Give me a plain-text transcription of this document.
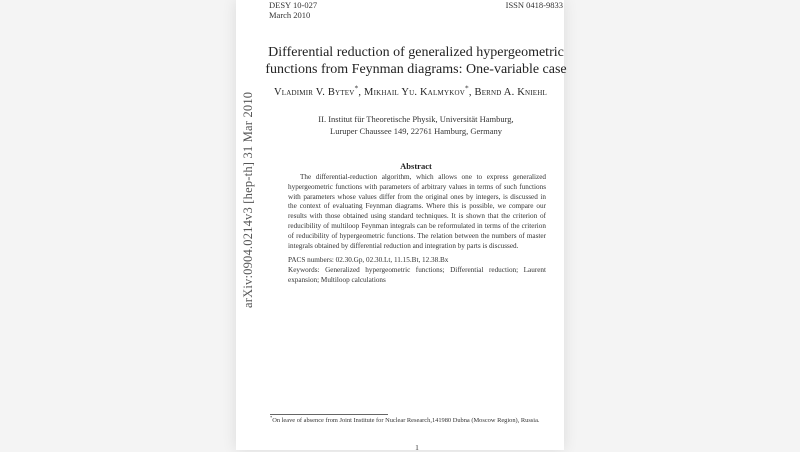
arXiv:0904.0214v3 [hep-th] 31 Mar 2010
DESY 10-027
March 2010
ISSN 0418-9833
Differential reduction of generalized hypergeometric
functions from Feynman diagrams: One-variable case
Vladimir V. Bytev*, Mikhail Yu. Kalmykov*, Bernd A. Kniehl
II. Institut für Theoretische Physik, Universität Hamburg,
Luruper Chaussee 149, 22761 Hamburg, Germany
Abstract
The differential-reduction algorithm, which allows one to express generalized hypergeometric functions with parameters of arbitrary values in terms of such functions with parameters whose values differ from the original ones by integers, is discussed in the context of evaluating Feynman diagrams. Where this is possible, we compare our results with those obtained using standard techniques. It is shown that the criterion of reducibility of multiloop Feynman integrals can be reformulated in terms of the criterion of reducibility of hypergeometric functions. The relation between the numbers of master integrals obtained by differential reduction and integration by parts is discussed.
PACS numbers: 02.30.Gp, 02.30.Lt, 11.15.Bt, 12.38.Bx
Keywords: Generalized hypergeometric functions; Differential reduction; Laurent expansion; Multiloop calculations
*On leave of absence from Joint Institute for Nuclear Research,141980 Dubna (Moscow Region), Russia.
1
